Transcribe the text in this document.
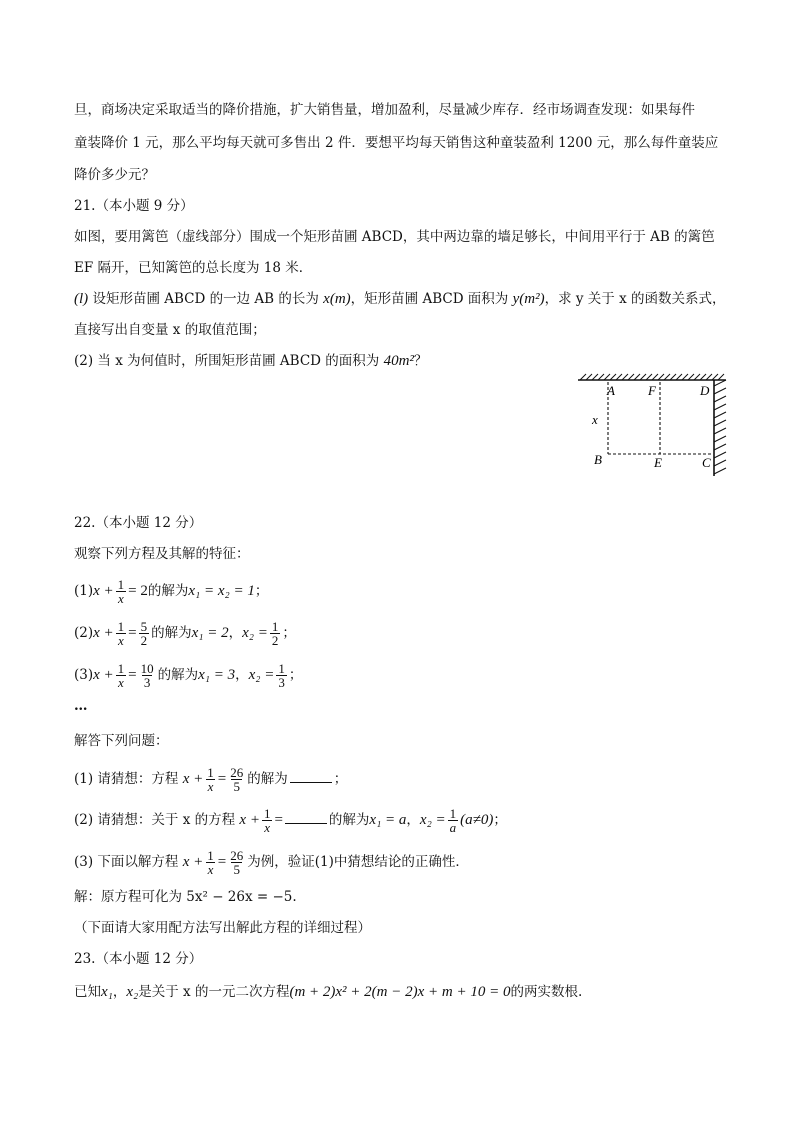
旦，商场决定采取适当的降价措施，扩大销售量，增加盈利，尽量减少库存．经市场调查发现：如果每件
童装降价 1 元，那么平均每天就可多售出 2 件．要想平均每天销售这种童装盈利 1200 元，那么每件童装应
降价多少元？
21.（本小题 9 分）
如图，要用篱笆（虚线部分）围成一个矩形苗圃 ABCD，其中两边靠的墙足够长，中间用平行于 AB 的篱笆
EF 隔开，已知篱笆的总长度为 18 米．
(l) 设矩形苗圃 ABCD 的一边 AB 的长为 x(m)，矩形苗圃 ABCD 面积为 y(m²)，求 y 关于 x 的函数关系式，
直接写出自变量 x 的取值范围；
(2) 当 x 为何值时，所围矩形苗圃 ABCD 的面积为 40m²？
A	F	D
x
B	E	C
22.（本小题 12 分）
观察下列方程及其解的特征：
$(1)x + \frac{1}{x} = 2$的解为x₁ = x₂ = 1；
$(2)x + \frac{1}{x} = \frac{5}{2}$ 的解为x₁ = 2，$x_2 = \frac{1}{2}$ ；
$(3)x + \frac{1}{x} = \frac{10}{3}$ 的解为x₁ = 3，$x_2 = \frac{1}{3}$ ；
…
解答下列问题：
(1) 请猜想：方程 $x + \frac{1}{x} = \frac{26}{5}$ 的解为	；
(2) 请猜想：关于 x 的方程 $x + \frac{1}{x}$ =	的解为x₁ = a，$x_2 = \frac{1}{a} (a\ne 0)$；
(3) 下面以解方程 $x + \frac{1}{x} = \frac{26}{5}$ 为例，验证(1)中猜想结论的正确性．
解：原方程可化为 5x² − 26x = −5.
（下面请大家用配方法写出解此方程的详细过程）
23.（本小题 12 分）
已知x₁，x₂是关于 x 的一元二次方程(m + 2)x² + 2(m − 2)x + m + 10 = 0的两实数根.
